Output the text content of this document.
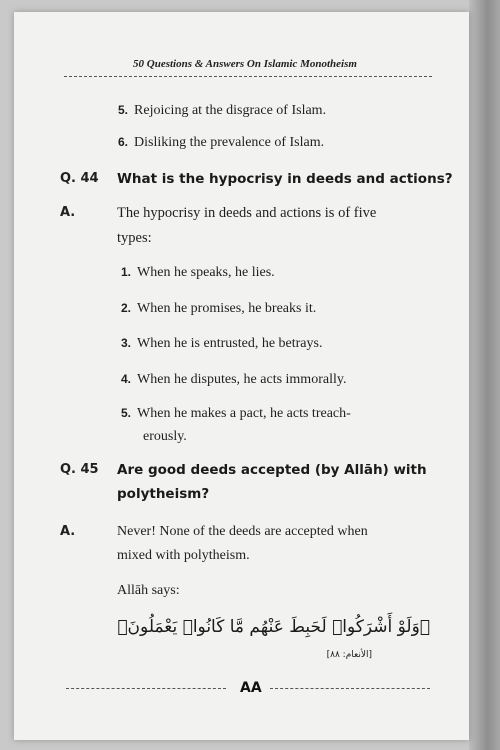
50 Questions & Answers On Islamic Monotheism
5. Rejoicing at the disgrace of Islam.
6. Disliking the prevalence of Islam.
Q. 44 What is the hypocrisy in deeds and actions?
A.	The hypocrisy in deeds and actions is of five
types:
1. When he speaks, he lies.
2. When he promises, he breaks it.
3. When he is entrusted, he betrays.
4. When he disputes, he acts immorally.
5. When he makes a pact, he acts treach-
erously.
Q. 45 Are good deeds accepted (by Allāh) with
polytheism?
A.	Never! None of the deeds are accepted when
mixed with polytheism.
Allāh says:
﴿وَلَوْ أَشْرَكُوا۟ لَحَبِطَ عَنْهُم مَّا كَانُوا۟ يَعْمَلُونَ﴾
[الأنعام: ٨٨]
AA
